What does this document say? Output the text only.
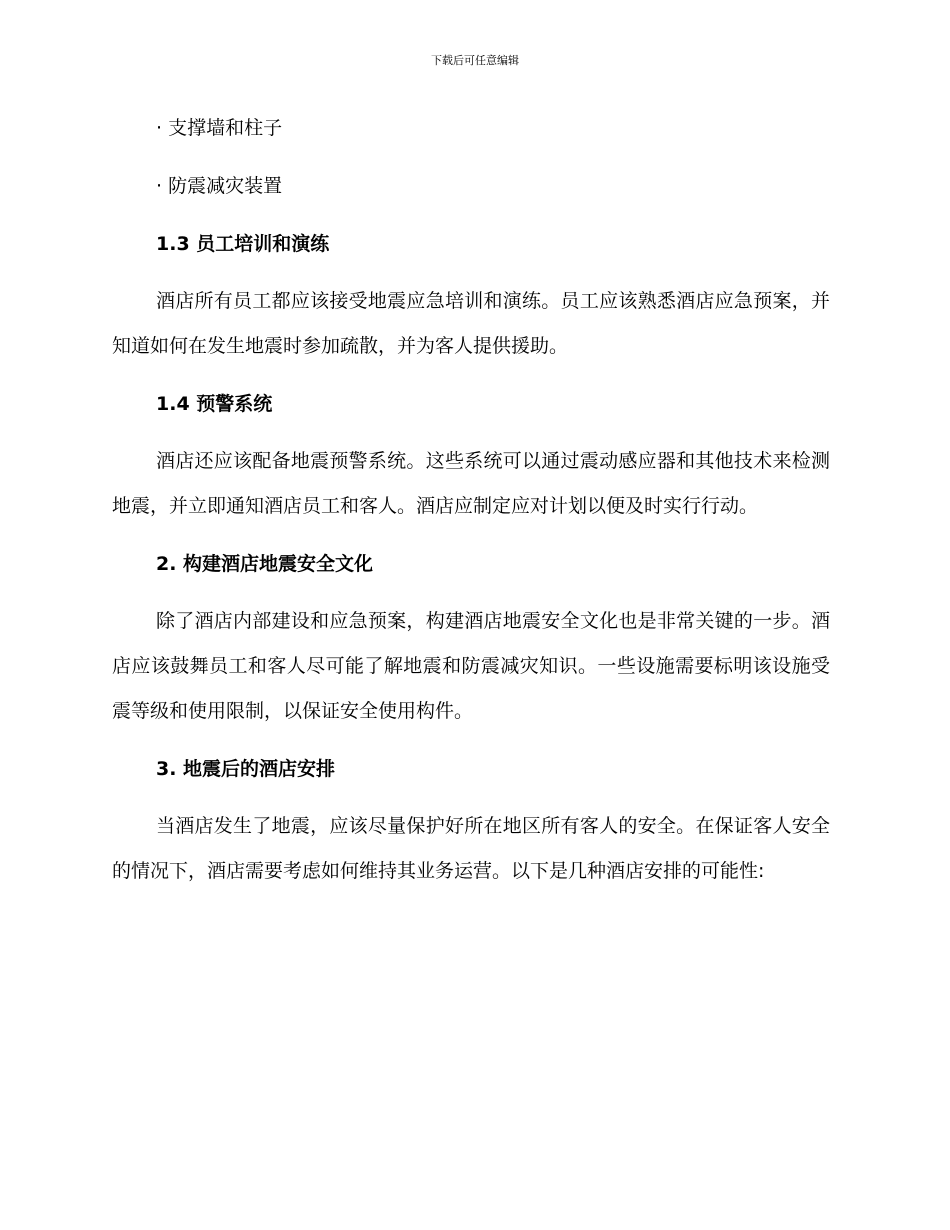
下载后可任意编辑
· 支撑墙和柱子
· 防震减灾装置
1.3 员工培训和演练
酒店所有员工都应该接受地震应急培训和演练。员工应该熟悉酒店应急预案，并知道如何在发生地震时参加疏散，并为客人提供援助。
1.4 预警系统
酒店还应该配备地震预警系统。这些系统可以通过震动感应器和其他技术来检测地震，并立即通知酒店员工和客人。酒店应制定应对计划以便及时实行行动。
2. 构建酒店地震安全文化
除了酒店内部建设和应急预案，构建酒店地震安全文化也是非常关键的一步。酒店应该鼓舞员工和客人尽可能了解地震和防震减灾知识。一些设施需要标明该设施受震等级和使用限制，以保证安全使用构件。
3. 地震后的酒店安排
当酒店发生了地震，应该尽量保护好所在地区所有客人的安全。在保证客人安全的情况下，酒店需要考虑如何维持其业务运营。以下是几种酒店安排的可能性:
